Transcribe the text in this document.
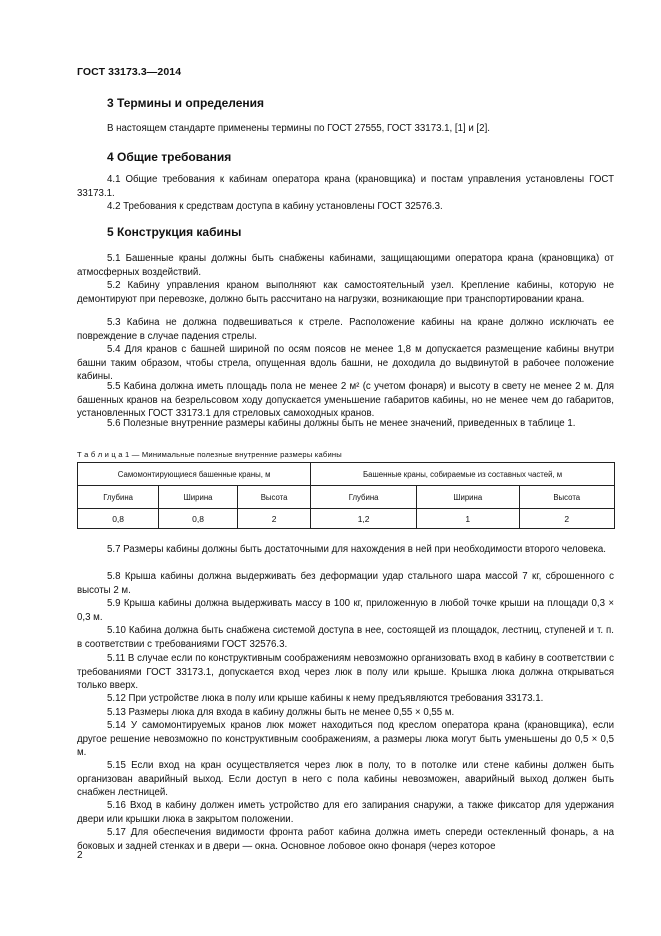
ГОСТ 33173.3—2014
3 Термины и определения
В настоящем стандарте применены термины по ГОСТ 27555, ГОСТ 33173.1, [1] и [2].
4 Общие требования
4.1 Общие требования к кабинам оператора крана (крановщика) и постам управления установлены ГОСТ 33173.1.
4.2 Требования к средствам доступа в кабину установлены ГОСТ 32576.3.
5 Конструкция кабины
5.1 Башенные краны должны быть снабжены кабинами, защищающими оператора крана (крановщика) от атмосферных воздействий.
5.2 Кабину управления краном выполняют как самостоятельный узел. Крепление кабины, которую не демонтируют при перевозке, должно быть рассчитано на нагрузки, возникающие при транспортировании крана.
5.3 Кабина не должна подвешиваться к стреле. Расположение кабины на кране должно исключать ее повреждение в случае падения стрелы.
5.4 Для кранов с башней шириной по осям поясов не менее 1,8 м допускается размещение кабины внутри башни таким образом, чтобы стрела, опущенная вдоль башни, не доходила до выдвинутой в рабочее положение кабины.
5.5 Кабина должна иметь площадь пола не менее 2 м² (с учетом фонаря) и высоту в свету не менее 2 м. Для башенных кранов на безрельсовом ходу допускается уменьшение габаритов кабины, но не менее чем до габаритов, установленных ГОСТ 33173.1 для стреловых самоходных кранов.
5.6 Полезные внутренние размеры кабины должны быть не менее значений, приведенных в таблице 1.
Т а б л и ц а 1 — Минимальные полезные внутренние размеры кабины
Самомонтирующиеся башенные краны, м			Башенные краны, собираемые из составных частей, м		
Глубина	Ширина	Высота	Глубина	Ширина	Высота
0,8	0,8	2	1,2	1	2
5.7 Размеры кабины должны быть достаточными для нахождения в ней при необходимости второго человека.
5.8 Крыша кабины должна выдерживать без деформации удар стального шара массой 7 кг, сброшенного с высоты 2 м.
5.9 Крыша кабины должна выдерживать массу в 100 кг, приложенную в любой точке крыши на площади 0,3 × 0,3 м.
5.10 Кабина должна быть снабжена системой доступа в нее, состоящей из площадок, лестниц, ступеней и т. п. в соответствии с требованиями ГОСТ 32576.3.
5.11 В случае если по конструктивным соображениям невозможно организовать вход в кабину в соответствии с требованиями ГОСТ 33173.1, допускается вход через люк в полу или крыше. Крышка люка должна открываться только вверх.
5.12 При устройстве люка в полу или крыше кабины к нему предъявляются требования 33173.1.
5.13 Размеры люка для входа в кабину должны быть не менее 0,55 × 0,55 м.
5.14 У самомонтируемых кранов люк может находиться под креслом оператора крана (крановщика), если другое решение невозможно по конструктивным соображениям, а размеры люка могут быть уменьшены до 0,5 × 0,5 м.
5.15 Если вход на кран осуществляется через люк в полу, то в потолке или стене кабины должен быть организован аварийный выход. Если доступ в него с пола кабины невозможен, аварийный выход должен быть снабжен лестницей.
5.16 Вход в кабину должен иметь устройство для его запирания снаружи, а также фиксатор для удержания двери или крышки люка в закрытом положении.
5.17 Для обеспечения видимости фронта работ кабина должна иметь спереди остекленный фонарь, а на боковых и задней стенках и в двери — окна. Основное лобовое окно фонаря (через которое
2
